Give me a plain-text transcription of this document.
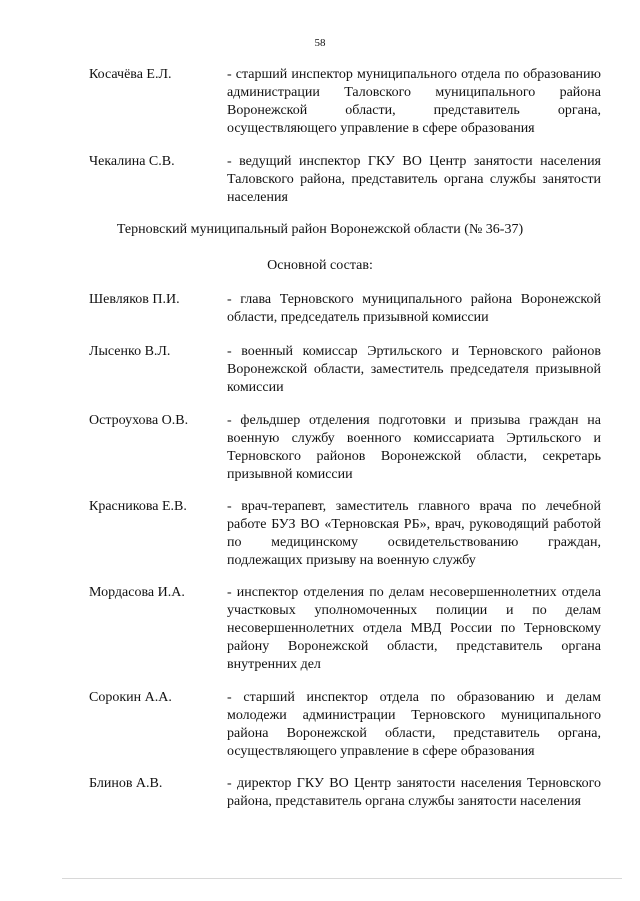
58
Косачёва Е.Л.	- старший инспектор муниципального отдела по образованию администрации Таловского муниципального района Воронежской области, представитель органа, осуществляющего управление в сфере образования
Чекалина С.В.	- ведущий инспектор ГКУ ВО Центр занятости населения Таловского района, представитель органа службы занятости населения
Терновский муниципальный район Воронежской области (№ 36-37)
Основной состав:
Шевляков П.И.	- глава Терновского муниципального района Воронежской области, председатель призывной комиссии
Лысенко В.Л.	- военный комиссар Эртильского и Терновского районов Воронежской области, заместитель председателя призывной комиссии
Остроухова О.В.	- фельдшер отделения подготовки и призыва граждан на военную службу военного комиссариата Эртильского и Терновского районов Воронежской области, секретарь призывной комиссии
Красникова Е.В.	- врач-терапевт, заместитель главного врача по лечебной работе БУЗ ВО «Терновская РБ», врач, руководящий работой по медицинскому освидетельствованию граждан, подлежащих призыву на военную службу
Мордасова И.А.	- инспектор отделения по делам несовершеннолетних отдела участковых уполномоченных полиции и по делам несовершеннолетних отдела МВД России по Терновскому району Воронежской области, представитель органа внутренних дел
Сорокин А.А.	- старший инспектор отдела по образованию и делам молодежи администрации Терновского муниципального района Воронежской области, представитель органа, осуществляющего управление в сфере образования
Блинов А.В.	- директор ГКУ ВО Центр занятости населения Терновского района, представитель органа службы занятости населения
